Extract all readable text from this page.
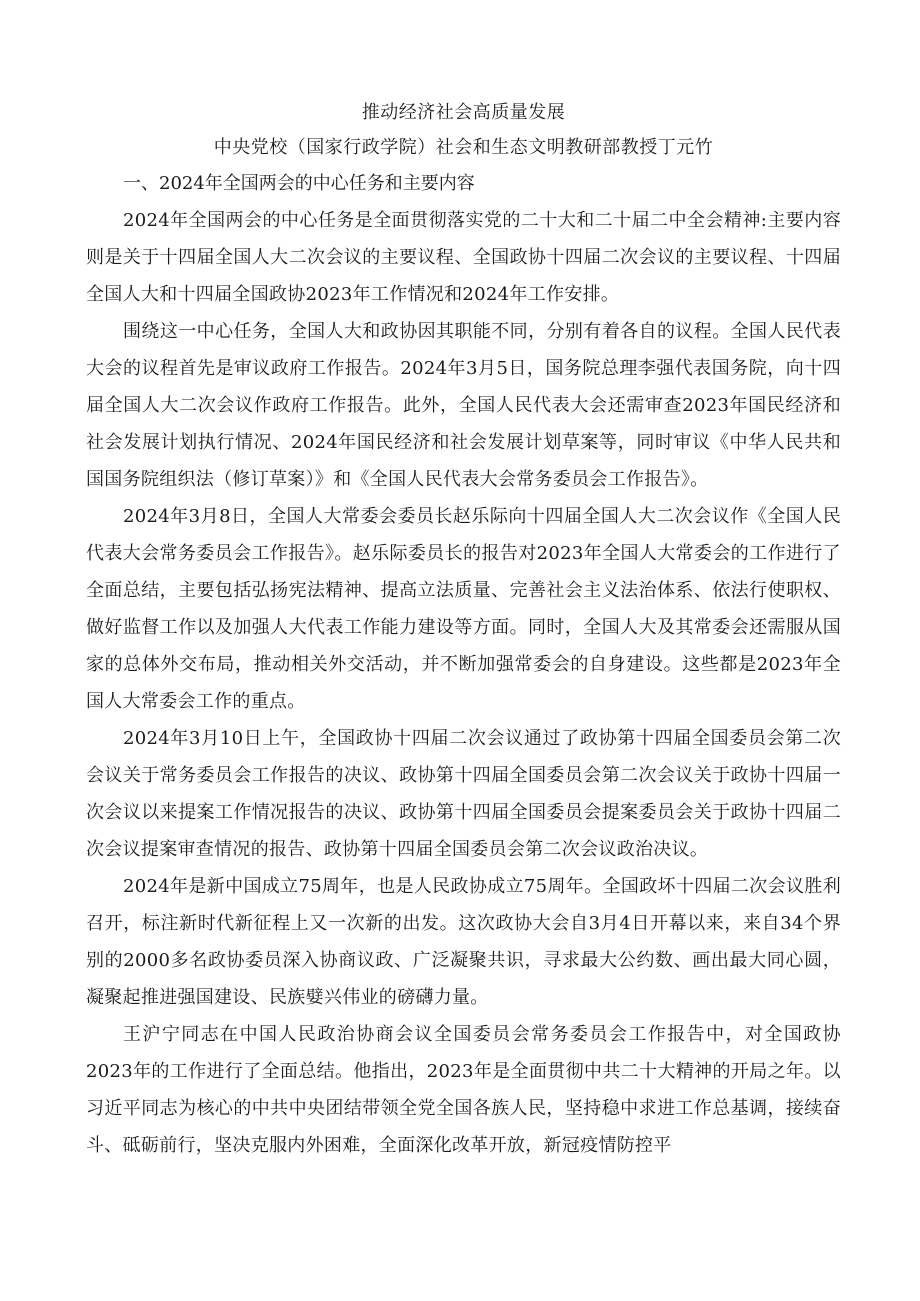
推动经济社会高质量发展

中央党校（国家行政学院）社会和生态文明教研部教授丁元竹

一、2024年全国两会的中心任务和主要内容

2024年全国两会的中心任务是全面贯彻落实党的二十大和二十届二中全会精神:主要内容则是关于十四届全国人大二次会议的主要议程、全国政协十四届二次会议的主要议程、十四届全国人大和十四届全国政协2023年工作情况和2024年工作安排。

围绕这一中心任务，全国人大和政协因其职能不同，分别有着各自的议程。全国人民代表大会的议程首先是审议政府工作报告。2024年3月5日，国务院总理李强代表国务院，向十四届全国人大二次会议作政府工作报告。此外，全国人民代表大会还需审查2023年国民经济和社会发展计划执行情况、2024年国民经济和社会发展计划草案等，同时审议《中华人民共和国国务院组织法（修订草案）》和《全国人民代表大会常务委员会工作报告》。

2024年3月8日，全国人大常委会委员长赵乐际向十四届全国人大二次会议作《全国人民代表大会常务委员会工作报告》。赵乐际委员长的报告对2023年全国人大常委会的工作进行了全面总结，主要包括弘扬宪法精神、提高立法质量、完善社会主义法治体系、依法行使职权、做好监督工作以及加强人大代表工作能力建设等方面。同时，全国人大及其常委会还需服从国家的总体外交布局，推动相关外交活动，并不断加强常委会的自身建设。这些都是2023年全国人大常委会工作的重点。

2024年3月10日上午，全国政协十四届二次会议通过了政协第十四届全国委员会第二次会议关于常务委员会工作报告的决议、政协第十四届全国委员会第二次会议关于政协十四届一次会议以来提案工作情况报告的决议、政协第十四届全国委员会提案委员会关于政协十四届二次会议提案审查情况的报告、政协第十四届全国委员会第二次会议政治决议。

2024年是新中国成立75周年，也是人民政协成立75周年。全国政坏十四届二次会议胜利召开，标注新时代新征程上又一次新的出发。这次政协大会自3月4日开幕以来，来自34个界别的2000多名政协委员深入协商议政、广泛凝聚共识，寻求最大公约数、画出最大同心圆，凝聚起推进强国建设、民族嬖兴伟业的磅礴力量。

王沪宁同志在中国人民政治协商会议全国委员会常务委员会工作报告中，对全国政协2023年的工作进行了全面总结。他指出，2023年是全面贯彻中共二十大精神的开局之年。以习近平同志为核心的中共中央团结带领全党全国各族人民，坚持稳中求进工作总基调，接续奋斗、砥砺前行，坚决克服内外困难，全面深化改革开放，新冠疫情防控平
